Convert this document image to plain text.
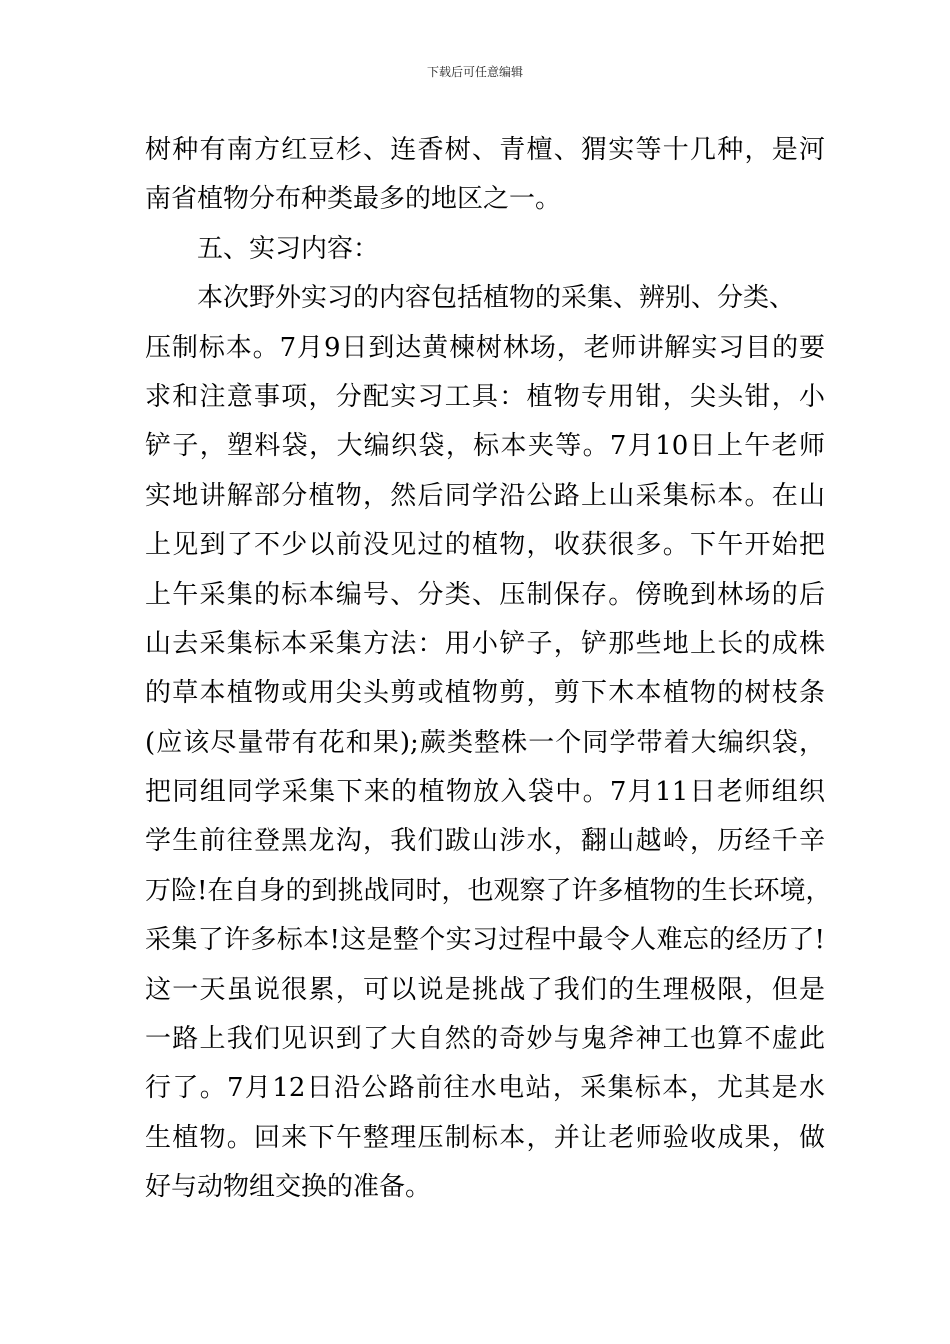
下载后可任意编辑
树种有南方红豆杉、连香树、青檀、猬实等十几种，是河
南省植物分布种类最多的地区之一。
五、实习内容：
本次野外实习的内容包括植物的采集、辨别、分类、
压制标本。7月9日到达黄楝树林场，老师讲解实习目的要
求和注意事项，分配实习工具：植物专用钳，尖头钳，小
铲子，塑料袋，大编织袋，标本夹等。7月10日上午老师
实地讲解部分植物，然后同学沿公路上山采集标本。在山
上见到了不少以前没见过的植物，收获很多。下午开始把
上午采集的标本编号、分类、压制保存。傍晚到林场的后
山去采集标本采集方法：用小铲子，铲那些地上长的成株
的草本植物或用尖头剪或植物剪，剪下木本植物的树枝条
(应该尽量带有花和果);蕨类整株一个同学带着大编织袋，
把同组同学采集下来的植物放入袋中。7月11日老师组织
学生前往登黑龙沟，我们跋山涉水，翻山越岭，历经千辛
万险!在自身的到挑战同时，也观察了许多植物的生长环境，
采集了许多标本!这是整个实习过程中最令人难忘的经历了!
这一天虽说很累，可以说是挑战了我们的生理极限，但是
一路上我们见识到了大自然的奇妙与鬼斧神工也算不虚此
行了。7月12日沿公路前往水电站，采集标本，尤其是水
生植物。回来下午整理压制标本，并让老师验收成果，做
好与动物组交换的准备。
